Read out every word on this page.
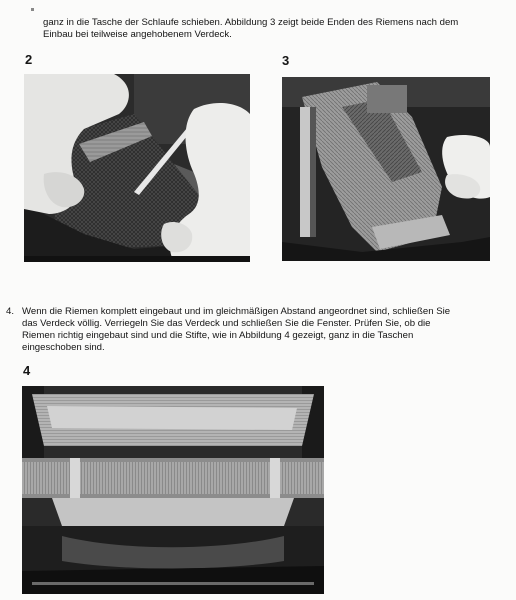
ganz in die Tasche der Schlaufe schieben. Abbildung 3 zeigt beide Enden des Riemens nach dem
Einbau bei teilweise angehobenem Verdeck.
2	3
4. Wenn die Riemen komplett eingebaut und im gleichmäßigen Abstand angeordnet sind, schließen Sie
das Verdeck völlig. Verriegeln Sie das Verdeck und schließen Sie die Fenster. Prüfen Sie, ob die
Riemen richtig eingebaut sind und die Stifte, wie in Abbildung 4 gezeigt, ganz in die Taschen
eingeschoben sind.
4
